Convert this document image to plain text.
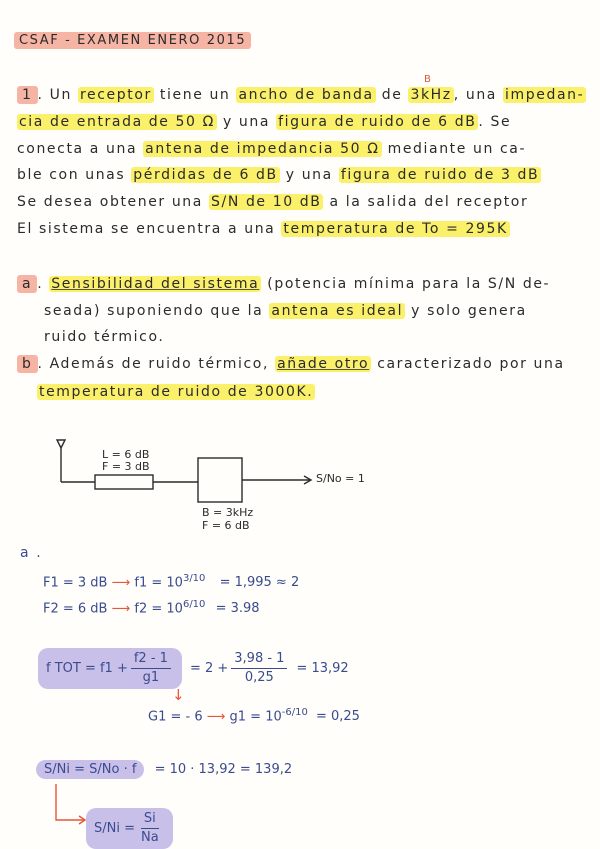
CSAF - EXAMEN ENERO 2015
1 . Un receptor tiene un ancho de banda de 3kHz , una impedan-
B
cia de entrada de 50 Ω y una figura de ruido de 6 dB . Se
conecta a una antena de impedancia 50 Ω mediante un ca-
ble con unas pérdidas de 6 dB y una figura de ruido de 3 dB
Se desea obtener una S/N de 10 dB a la salida del receptor
El sistema se encuentra a una temperatura de To = 295K
a . Sensibilidad del sistema (potencia mínima para la S/N de-
seada) suponiendo que la antena es ideal y solo genera
ruido térmico.
b . Además de ruido térmico, añade otro caracterizado por una
temperatura de ruido de 3000K.
L = 6 dB
F = 3 dB
B = 3kHz
F = 6 dB
S/No = 1
a .
F1 = 3 dB ⟶ $f1 = 10^{3/10} = 1,995 \approx 2$
F2 = 6 dB ⟶ $f2 = 10^{6/10} = 3.98$
f TOT = $f1 + \frac{f2 - 1}{g1} = 2 + \frac{3,98 - 1}{0,25} = 13,92$
↓
G1 = - 6 ⟶ $g1 = 10^{-6/10} = 0,25$
S/Ni = S/No · f = 10 · 13,92 = 139,2
$S/Ni = \frac{Si}{Na}$
